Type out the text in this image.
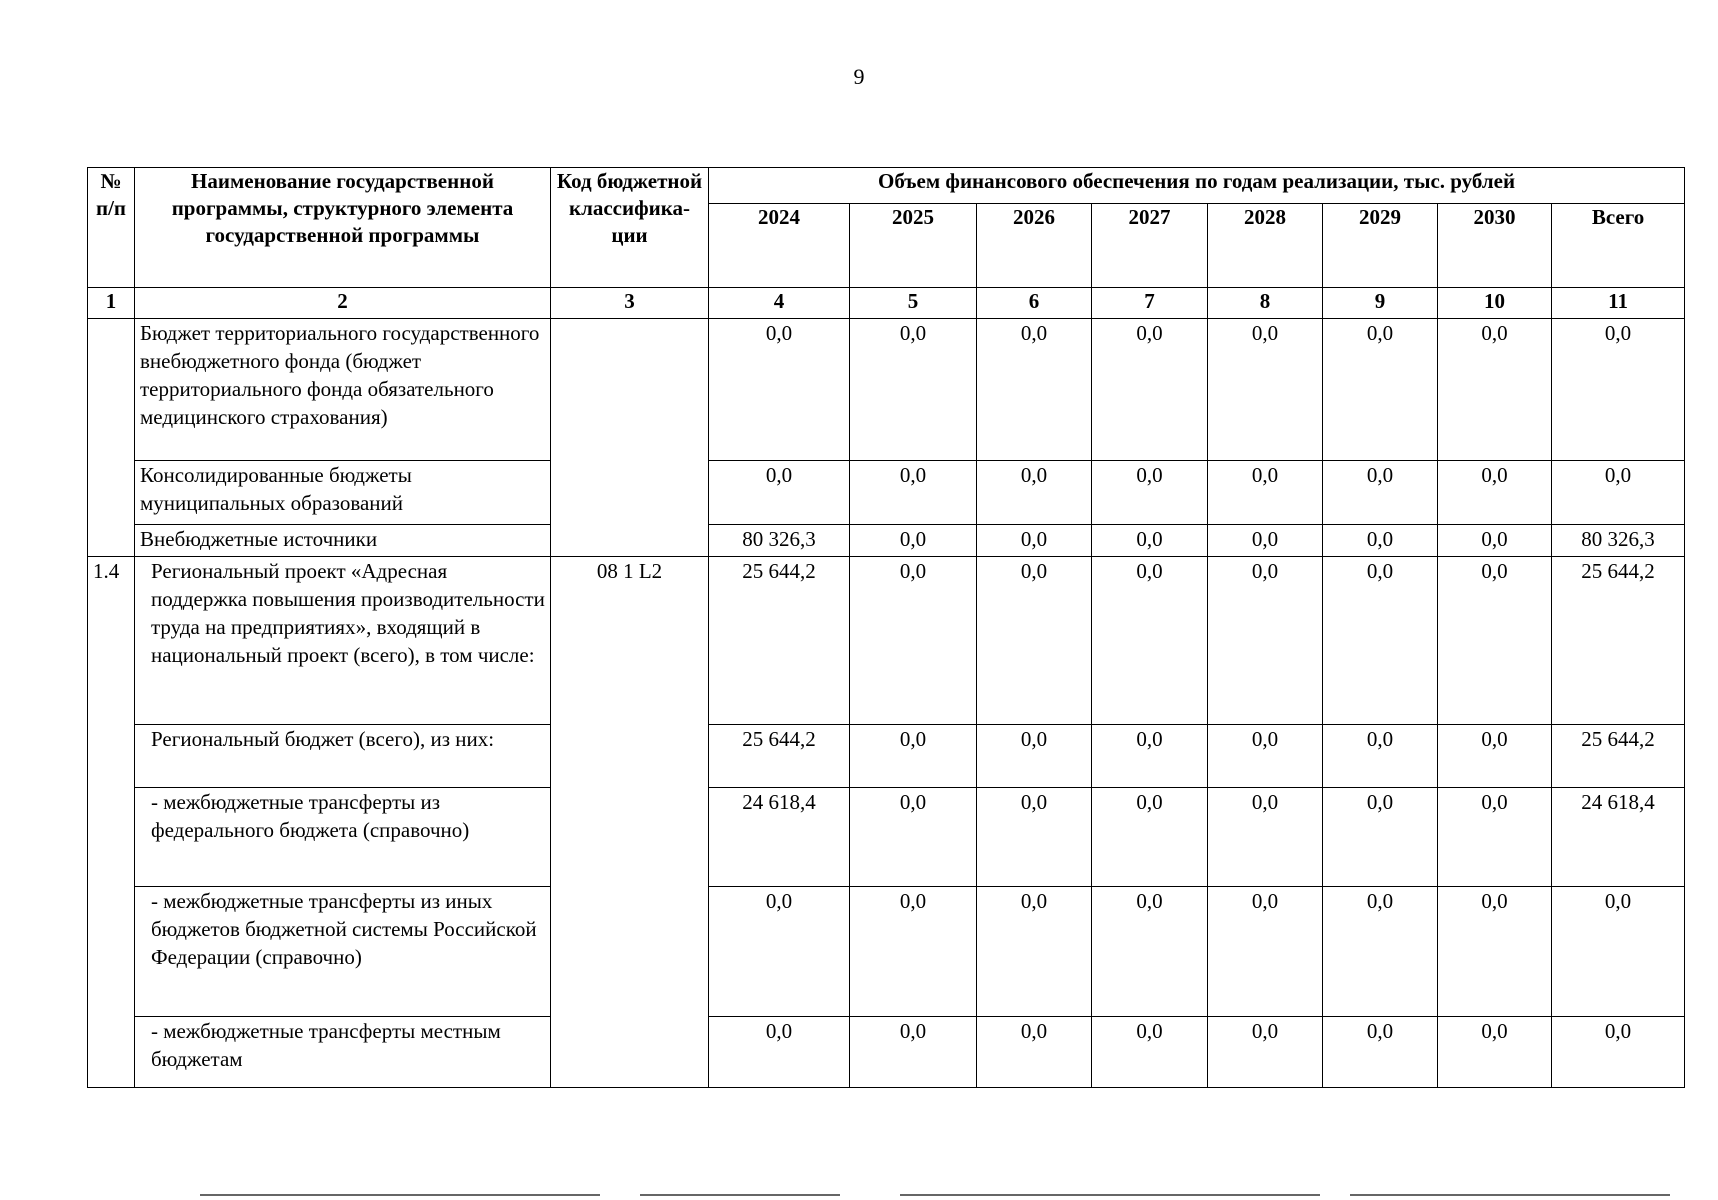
9
№ п/п	Наименование государственной программы, структурного элемента государственной программы	Код бюджетной классифика-ции	Объем финансового обеспечения по годам реализации, тыс. рублей							
			2024	2025	2026	2027	2028	2029	2030	Всего
1	2	3	4	5	6	7	8	9	10	11
	Бюджет территориального государственного внебюджетного фонда (бюджет территориального фонда обязательного медицинского страхования)		0,0	0,0	0,0	0,0	0,0	0,0	0,0	0,0
	Консолидированные бюджеты муниципальных образований		0,0	0,0	0,0	0,0	0,0	0,0	0,0	0,0
	Внебюджетные источники		80 326,3	0,0	0,0	0,0	0,0	0,0	0,0	80 326,3
1.4	Региональный проект «Адресная поддержка повышения производительности труда на предприятиях», входящий в национальный проект (всего), в том числе:	08 1 L2	25 644,2	0,0	0,0	0,0	0,0	0,0	0,0	25 644,2
	Региональный бюджет (всего), из них:		25 644,2	0,0	0,0	0,0	0,0	0,0	0,0	25 644,2
	- межбюджетные трансферты из федерального бюджета (справочно)		24 618,4	0,0	0,0	0,0	0,0	0,0	0,0	24 618,4
	- межбюджетные трансферты из иных бюджетов бюджетной системы Российской Федерации (справочно)		0,0	0,0	0,0	0,0	0,0	0,0	0,0	0,0
	- межбюджетные трансферты местным бюджетам		0,0	0,0	0,0	0,0	0,0	0,0	0,0	0,0
